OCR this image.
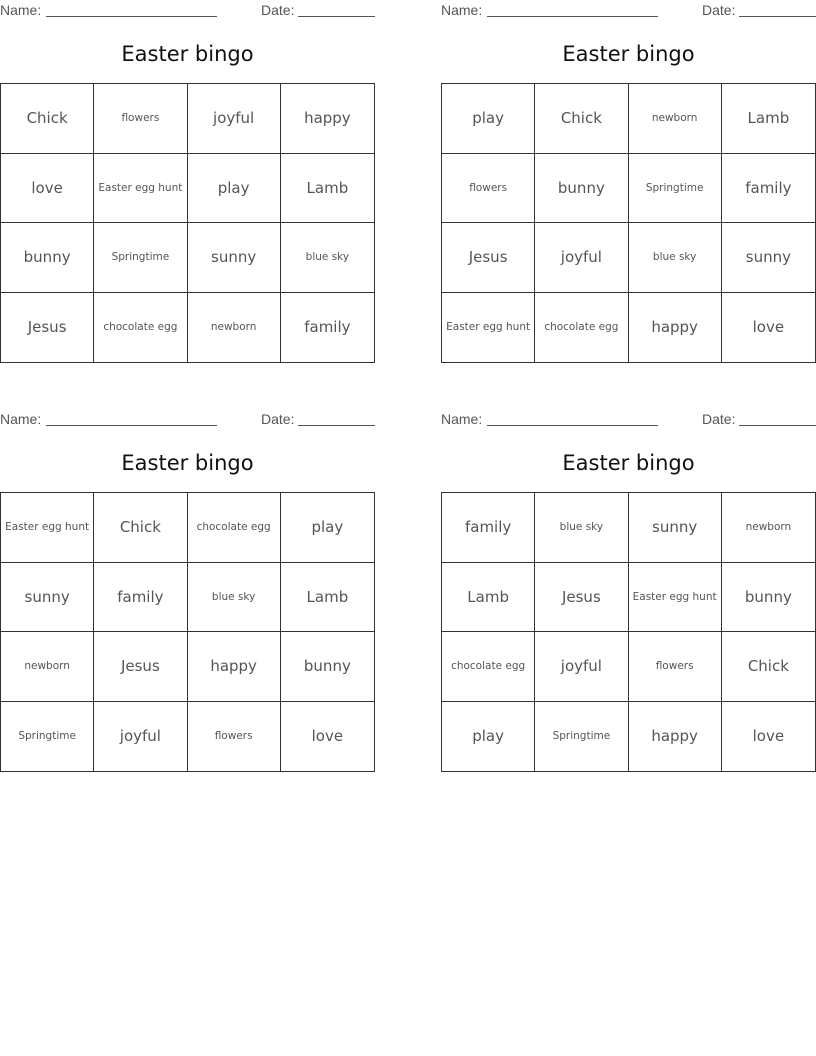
Name:	Date:
Easter bingo
Chick	flowers	joyful	happy
love	Easter egg hunt	play	Lamb
bunny	Springtime	sunny	blue sky
Jesus	chocolate egg	newborn	family
Name:	Date:
Easter bingo
play	Chick	newborn	Lamb
flowers	bunny	Springtime	family
Jesus	joyful	blue sky	sunny
Easter egg hunt	chocolate egg	happy	love
Name:	Date:
Easter bingo
Easter egg hunt	Chick	chocolate egg	play
sunny	family	blue sky	Lamb
newborn	Jesus	happy	bunny
Springtime	joyful	flowers	love
Name:	Date:
Easter bingo
family	blue sky	sunny	newborn
Lamb	Jesus	Easter egg hunt	bunny
chocolate egg	joyful	flowers	Chick
play	Springtime	happy	love
